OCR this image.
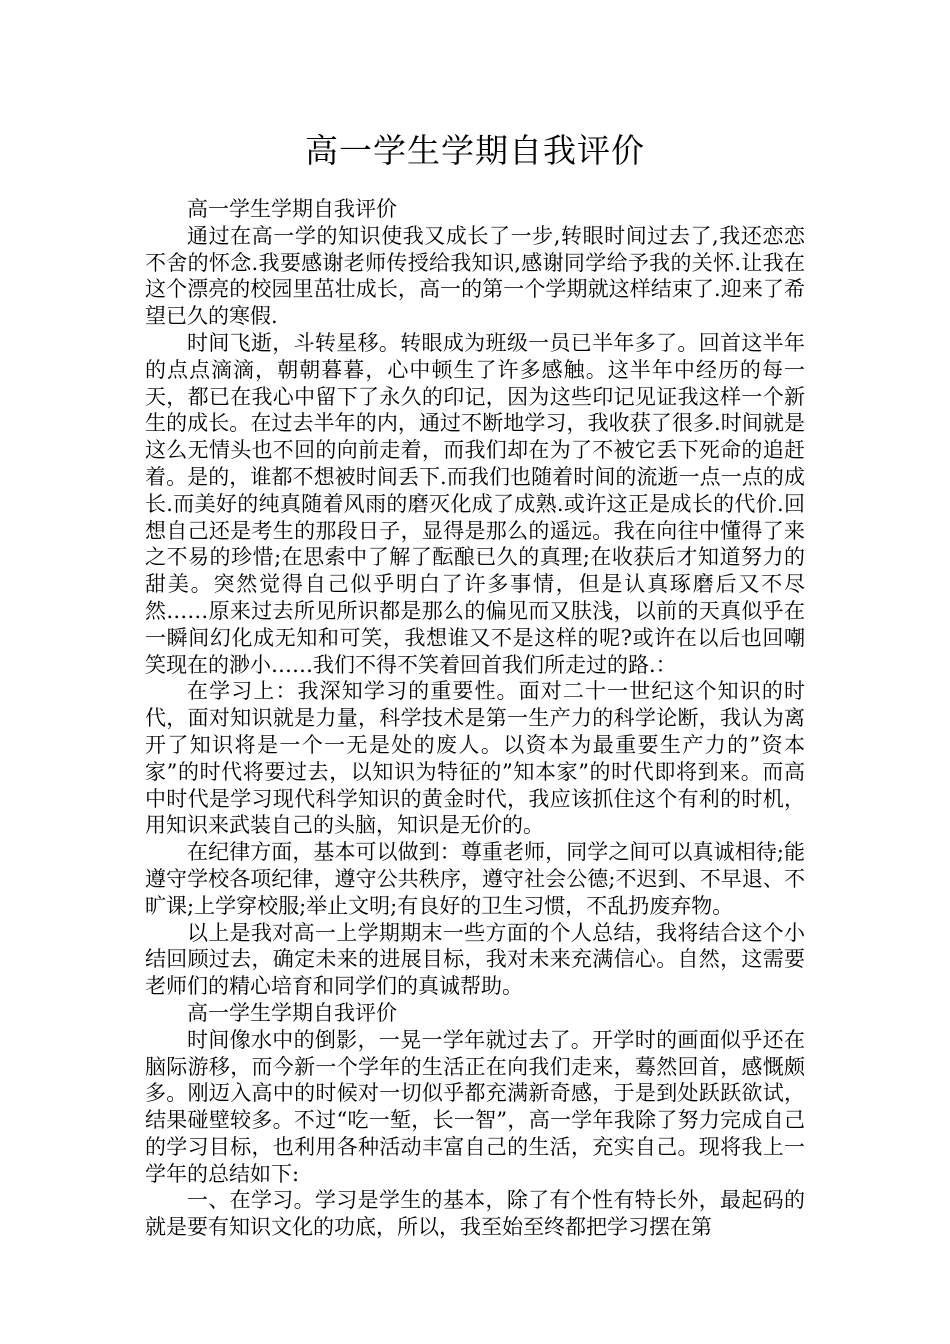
高一学生学期自我评价

高一学生学期自我评价

通过在高一学的知识使我又成长了一步,转眼时间过去了,我还恋恋不舍的怀念.我要感谢老师传授给我知识,感谢同学给予我的关怀.让我在这个漂亮的校园里茁壮成长，高一的第一个学期就这样结束了.迎来了希望已久的寒假.

时间飞逝，斗转星移。转眼成为班级一员已半年多了。回首这半年的点点滴滴，朝朝暮暮，心中顿生了许多感触。这半年中经历的每一天，都已在我心中留下了永久的印记，因为这些印记见证我这样一个新生的成长。在过去半年的内，通过不断地学习，我收获了很多.时间就是这么无情头也不回的向前走着，而我们却在为了不被它丢下死命的追赶着。是的，谁都不想被时间丢下.而我们也随着时间的流逝一点一点的成长.而美好的纯真随着风雨的磨灭化成了成熟.或许这正是成长的代价.回想自己还是考生的那段日子，显得是那么的遥远。我在向往中懂得了来之不易的珍惜;在思索中了解了酝酿已久的真理;在收获后才知道努力的甜美。突然觉得自己似乎明白了许多事情，但是认真琢磨后又不尽然……原来过去所见所识都是那么的偏见而又肤浅，以前的天真似乎在一瞬间幻化成无知和可笑，我想谁又不是这样的呢?或许在以后也回嘲笑现在的渺小……我们不得不笑着回首我们所走过的路.：

在学习上：我深知学习的重要性。面对二十一世纪这个知识的时代，面对知识就是力量，科学技术是第一生产力的科学论断，我认为离开了知识将是一个一无是处的废人。以资本为最重要生产力的”资本家”的时代将要过去，以知识为特征的”知本家”的时代即将到来。而高中时代是学习现代科学知识的黄金时代，我应该抓住这个有利的时机，用知识来武装自己的头脑，知识是无价的。

在纪律方面，基本可以做到：尊重老师，同学之间可以真诚相待;能遵守学校各项纪律，遵守公共秩序，遵守社会公德;不迟到、不早退、不旷课;上学穿校服;举止文明;有良好的卫生习惯，不乱扔废弃物。

以上是我对高一上学期期末一些方面的个人总结，我将结合这个小结回顾过去，确定未来的进展目标，我对未来充满信心。自然，这需要老师们的精心培育和同学们的真诚帮助。

高一学生学期自我评价

时间像水中的倒影，一晃一学年就过去了。开学时的画面似乎还在脑际游移，而今新一个学年的生活正在向我们走来，蓦然回首，感慨颇多。刚迈入高中的时候对一切似乎都充满新奇感，于是到处跃跃欲试，结果碰壁较多。不过“吃一堑，长一智”，高一学年我除了努力完成自己的学习目标，也利用各种活动丰富自己的生活，充实自己。现将我上一学年的总结如下:

一、在学习。学习是学生的基本，除了有个性有特长外，最起码的就是要有知识文化的功底，所以，我至始至终都把学习摆在第
